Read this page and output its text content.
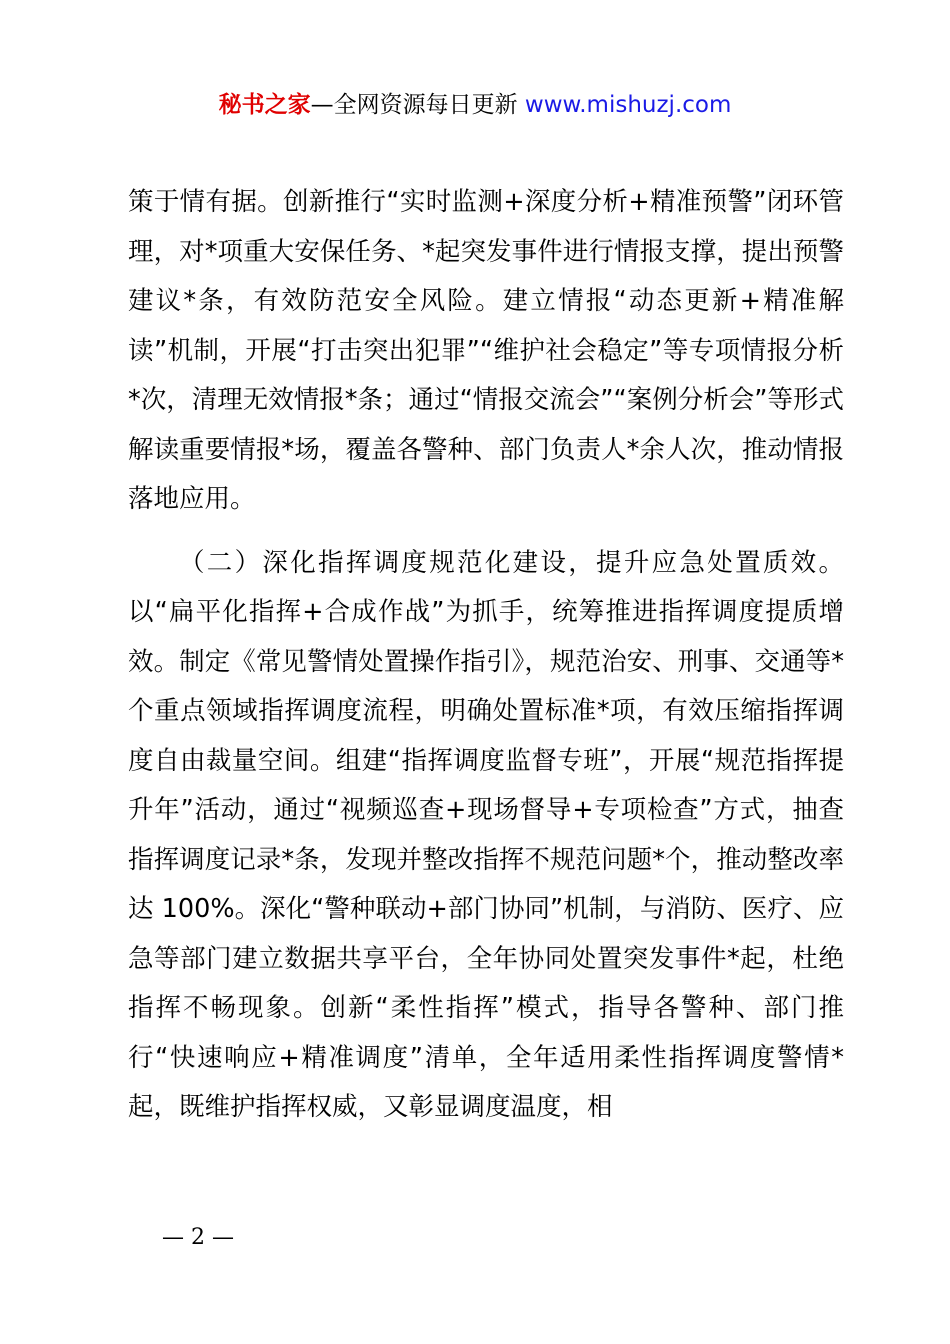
秘书之家—全网资源每日更新 www.mishuzj.com

策于情有据。创新推行“实时监测+深度分析+精准预警”闭环管理，对*项重大安保任务、*起突发事件进行情报支撑，提出预警建议*条，有效防范安全风险。建立情报“动态更新+精准解读”机制，开展“打击突出犯罪”“维护社会稳定”等专项情报分析*次，清理无效情报*条；通过“情报交流会”“案例分析会”等形式解读重要情报*场，覆盖各警种、部门负责人*余人次，推动情报落地应用。

（二）深化指挥调度规范化建设，提升应急处置质效。以“扁平化指挥+合成作战”为抓手，统筹推进指挥调度提质增效。制定《常见警情处置操作指引》，规范治安、刑事、交通等*个重点领域指挥调度流程，明确处置标准*项，有效压缩指挥调度自由裁量空间。组建“指挥调度监督专班”，开展“规范指挥提升年”活动，通过“视频巡查+现场督导+专项检查”方式，抽查指挥调度记录*条，发现并整改指挥不规范问题*个，推动整改率达 100%。深化“警种联动+部门协同”机制，与消防、医疗、应急等部门建立数据共享平台，全年协同处置突发事件*起，杜绝指挥不畅现象。创新“柔性指挥”模式，指导各警种、部门推行“快速响应+精准调度”清单，全年适用柔性指挥调度警情*起，既维护指挥权威，又彰显调度温度，相

— 2 —
